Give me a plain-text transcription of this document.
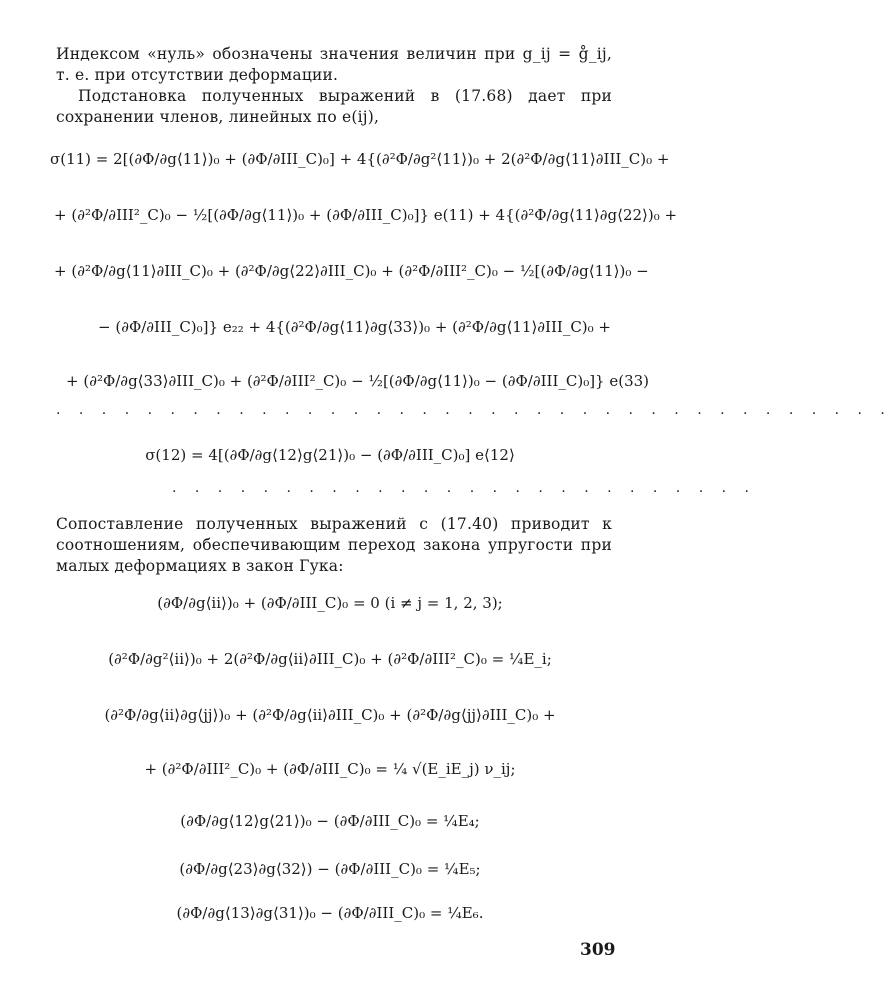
Индексом «нуль» обозначены значения величин при g_ij = g̊_ij, т. е. при отсутствии деформации.
Подстановка полученных выражений в (17.68) дает при сохранении членов, линейных по e(ij),
σ(11) = 2[(∂Φ/∂g⟨11⟩)₀ + (∂Φ/∂III_C)₀] + 4{(∂²Φ/∂g²⟨11⟩)₀ + 2(∂²Φ/∂g⟨11⟩∂III_C)₀ +
+ (∂²Φ/∂III²_C)₀ − ½[(∂Φ/∂g⟨11⟩)₀ + (∂Φ/∂III_C)₀]} e(11) + 4{(∂²Φ/∂g⟨11⟩∂g⟨22⟩)₀ +
+ (∂²Φ/∂g⟨11⟩∂III_C)₀ + (∂²Φ/∂g⟨22⟩∂III_C)₀ + (∂²Φ/∂III²_C)₀ − ½[(∂Φ/∂g⟨11⟩)₀ −
− (∂Φ/∂III_C)₀]} e₂₂ + 4{(∂²Φ/∂g⟨11⟩∂g⟨33⟩)₀ + (∂²Φ/∂g⟨11⟩∂III_C)₀ +
+ (∂²Φ/∂g⟨33⟩∂III_C)₀ + (∂²Φ/∂III²_C)₀ − ½[(∂Φ/∂g⟨11⟩)₀ − (∂Φ/∂III_C)₀]} e(33)
. . . . . . . . . . . . . . . . . . . . . . . . . . . . . . . . . . . . .
σ(12) = 4[(∂Φ/∂g⟨12⟩g⟨21⟩)₀ − (∂Φ/∂III_C)₀] e⟨12⟩
. . . . . . . . . . . . . . . . . . . . . . . . . .
Сопоставление полученных выражений с (17.40) приводит к соотношениям, обеспечивающим переход закона упругости при малых деформациях в закон Гука:
(∂Φ/∂g⟨ii⟩)₀ + (∂Φ/∂III_C)₀ = 0 (i ≠ j = 1, 2, 3);
(∂²Φ/∂g²⟨ii⟩)₀ + 2(∂²Φ/∂g⟨ii⟩∂III_C)₀ + (∂²Φ/∂III²_C)₀ = ¼E_i;
(∂²Φ/∂g⟨ii⟩∂g⟨jj⟩)₀ + (∂²Φ/∂g⟨ii⟩∂III_C)₀ + (∂²Φ/∂g⟨jj⟩∂III_C)₀ +
+ (∂²Φ/∂III²_C)₀ + (∂Φ/∂III_C)₀ = ¼ √(E_iE_j) ν_ij;
(∂Φ/∂g⟨12⟩g⟨21⟩)₀ − (∂Φ/∂III_C)₀ = ¼E₄;
(∂Φ/∂g⟨23⟩∂g⟨32⟩) − (∂Φ/∂III_C)₀ = ¼E₅;
(∂Φ/∂g⟨13⟩∂g⟨31⟩)₀ − (∂Φ/∂III_C)₀ = ¼E₆.
309
